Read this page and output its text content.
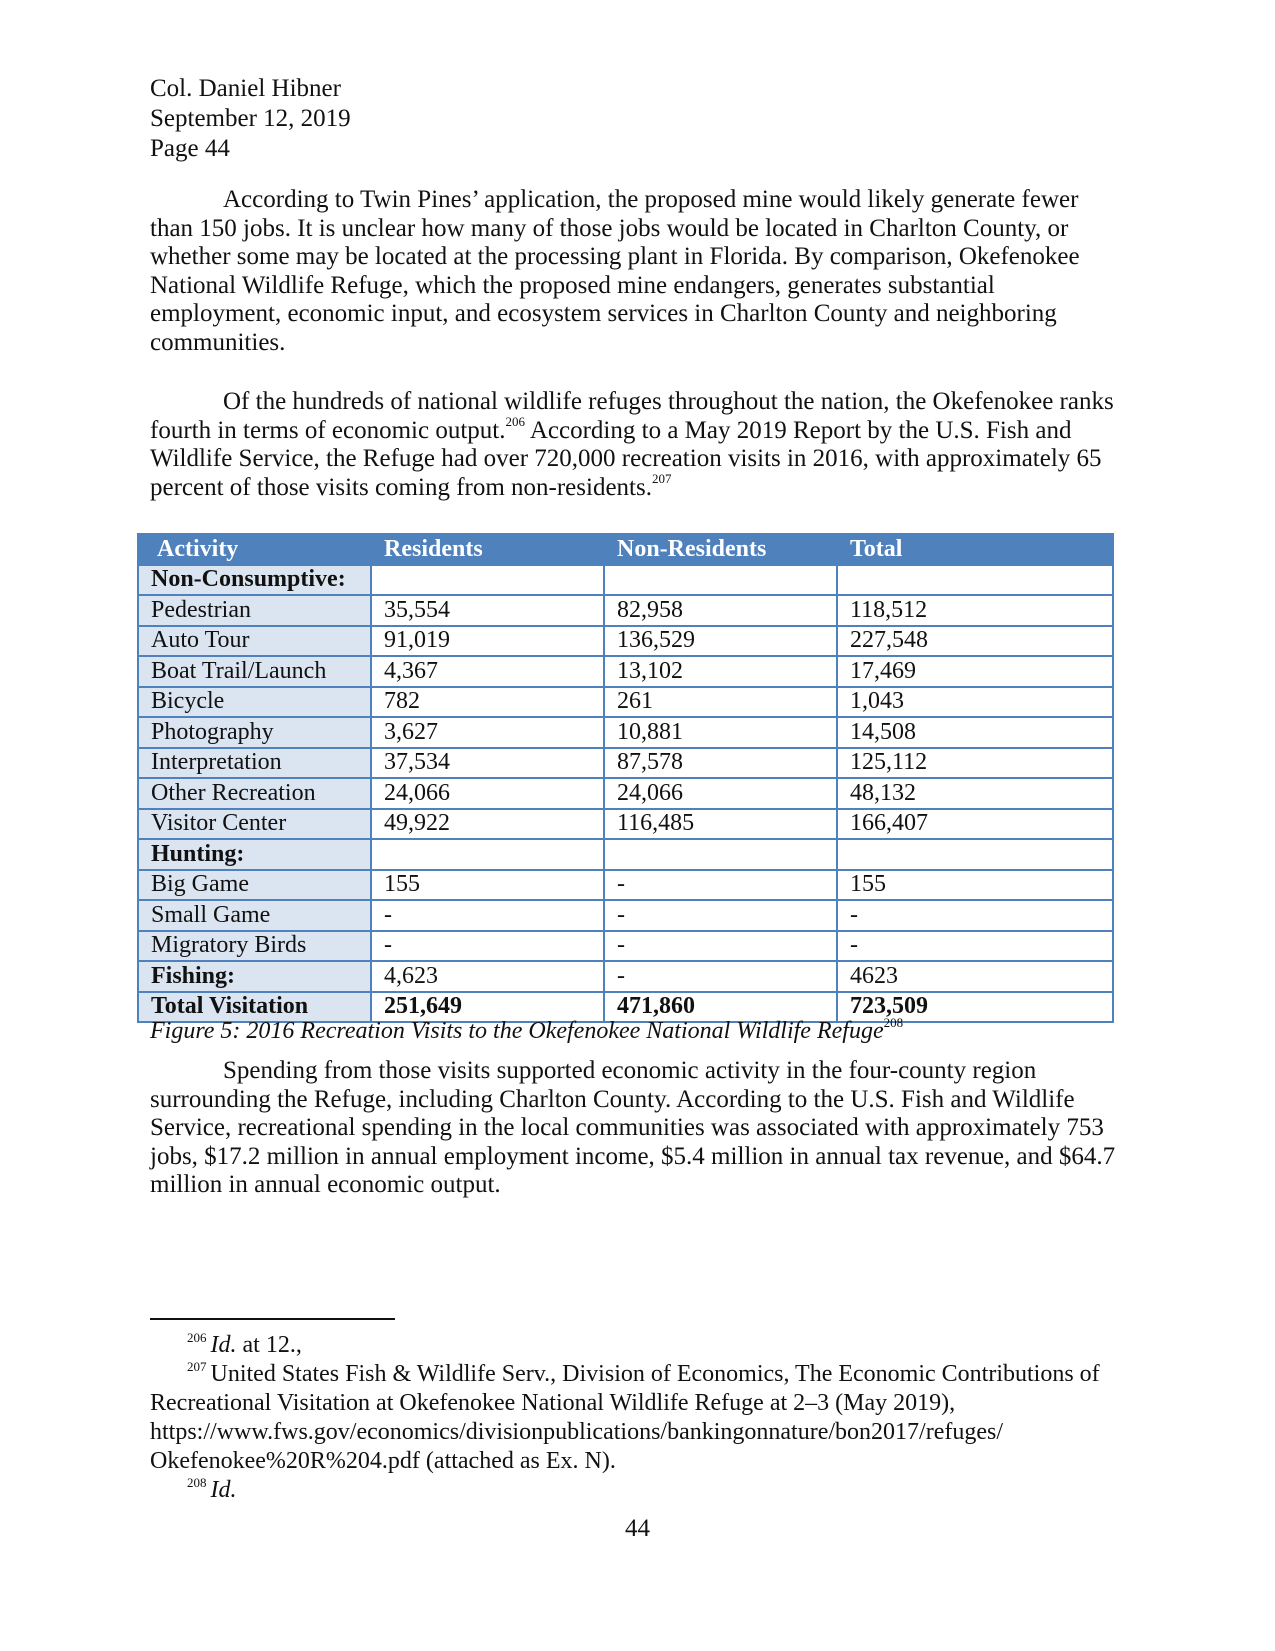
Col. Daniel Hibner
September 12, 2019
Page 44

According to Twin Pines’ application, the proposed mine would likely generate fewer than 150 jobs. It is unclear how many of those jobs would be located in Charlton County, or whether some may be located at the processing plant in Florida. By comparison, Okefenokee National Wildlife Refuge, which the proposed mine endangers, generates substantial employment, economic input, and ecosystem services in Charlton County and neighboring communities.

Of the hundreds of national wildlife refuges throughout the nation, the Okefenokee ranks fourth in terms of economic output.$^{206}$ According to a May 2019 Report by the U.S. Fish and Wildlife Service, the Refuge had over 720,000 recreation visits in 2016, with approximately 65 percent of those visits coming from non-residents.$^{207}$

Activity	Residents	Non-Residents	Total
Non-Consumptive:			
Pedestrian	35,554	82,958	118,512
Auto Tour	91,019	136,529	227,548
Boat Trail/Launch	4,367	13,102	17,469
Bicycle	782	261	1,043
Photography	3,627	10,881	14,508
Interpretation	37,534	87,578	125,112
Other Recreation	24,066	24,066	48,132
Visitor Center	49,922	116,485	166,407
Hunting:			
Big Game	155	-	155
Small Game	-	-	-
Migratory Birds	-	-	-
Fishing:	4,623	-	4623
Total Visitation	251,649	471,860	723,509
Figure 5: 2016 Recreation Visits to the Okefenokee National Wildlife Refuge$^{208}$

Spending from those visits supported economic activity in the four-county region surrounding the Refuge, including Charlton County. According to the U.S. Fish and Wildlife Service, recreational spending in the local communities was associated with approximately 753 jobs, $17.2 million in annual employment income, $5.4 million in annual tax revenue, and $64.7 million in annual economic output.

$^{206}$ Id. at 12.,
$^{207}$ United States Fish & Wildlife Serv., Division of Economics, The Economic Contributions of Recreational Visitation at Okefenokee National Wildlife Refuge at 2–3 (May 2019), https://www.fws.gov/economics/divisionpublications/bankingonnature/bon2017/refuges/ Okefenokee%20R%204.pdf (attached as Ex. N).
$^{208}$ Id.
44
